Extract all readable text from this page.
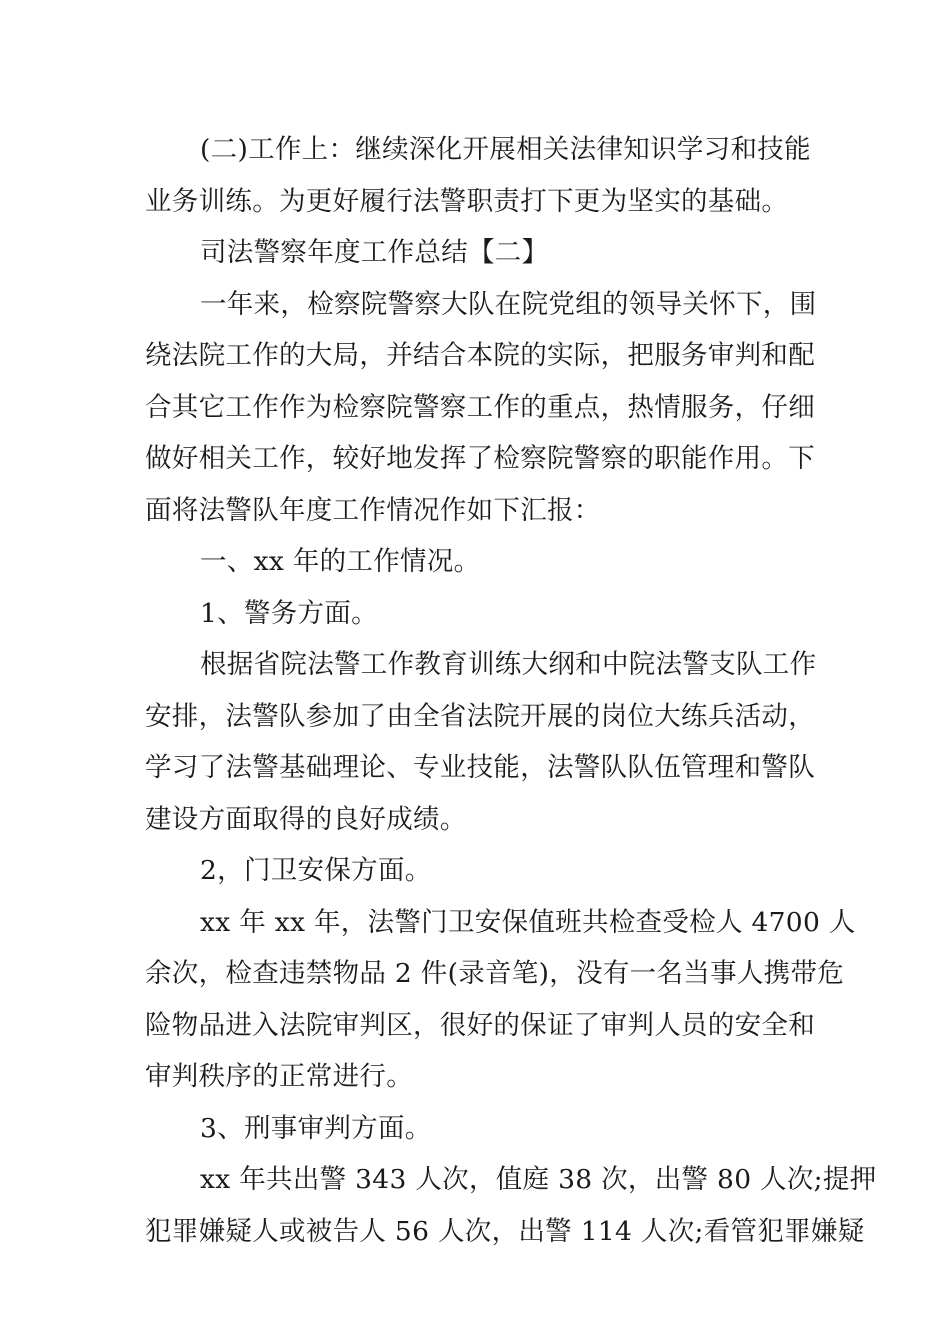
(二)工作上：继续深化开展相关法律知识学习和技能
业务训练。为更好履行法警职责打下更为坚实的基础。
司法警察年度工作总结【二】
一年来，检察院警察大队在院党组的领导关怀下，围
绕法院工作的大局，并结合本院的实际，把服务审判和配
合其它工作作为检察院警察工作的重点，热情服务，仔细
做好相关工作，较好地发挥了检察院警察的职能作用。下
面将法警队年度工作情况作如下汇报：
一、xx 年的工作情况。
1、警务方面。
根据省院法警工作教育训练大纲和中院法警支队工作
安排，法警队参加了由全省法院开展的岗位大练兵活动，
学习了法警基础理论、专业技能，法警队队伍管理和警队
建设方面取得的良好成绩。
2，门卫安保方面。
xx 年 xx 年，法警门卫安保值班共检查受检人 4700 人
余次，检查违禁物品 2 件(录音笔)，没有一名当事人携带危
险物品进入法院审判区，很好的保证了审判人员的安全和
审判秩序的正常进行。
3、刑事审判方面。
xx 年共出警 343 人次，值庭 38 次，出警 80 人次;提押
犯罪嫌疑人或被告人 56 人次，出警 114 人次;看管犯罪嫌疑
